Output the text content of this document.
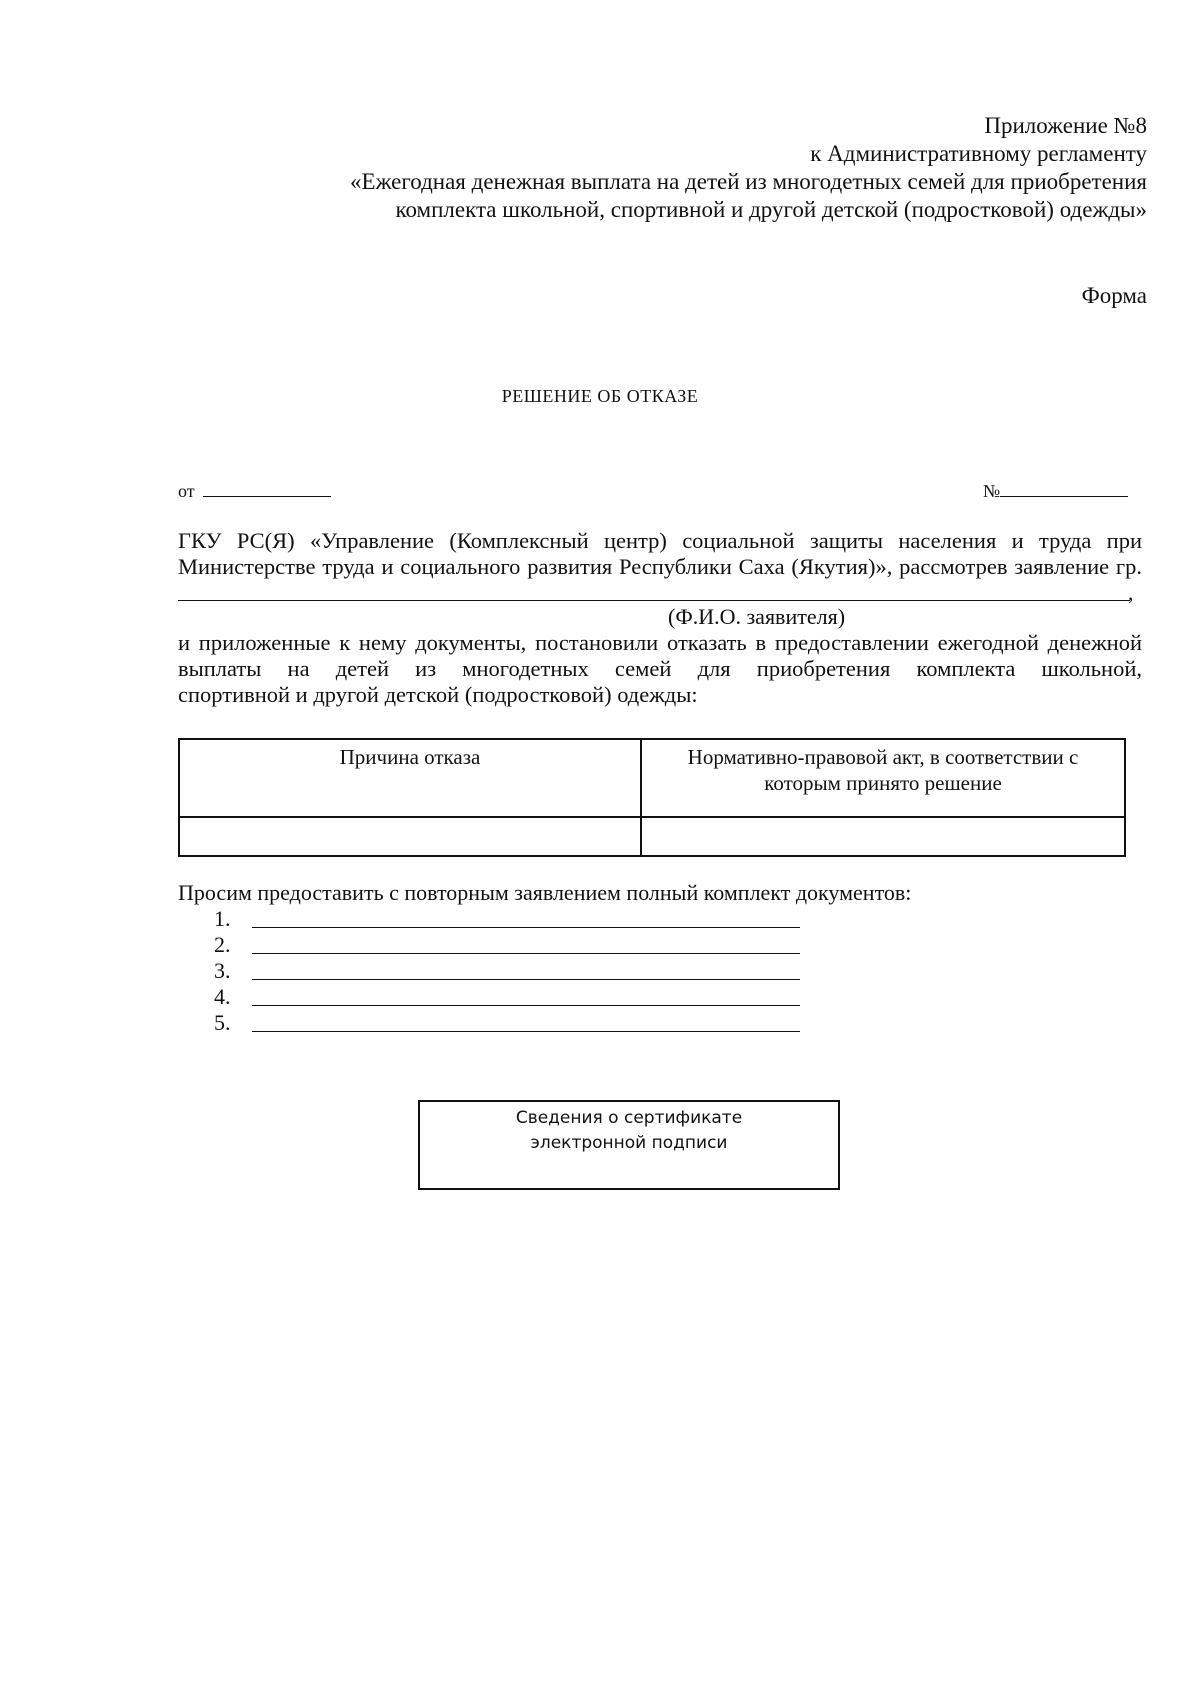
Приложение №8
к Административному регламенту
«Ежегодная денежная выплата на детей из многодетных семей для приобретения
комплекта школьной, спортивной и другой детской (подростковой) одежды»
Форма
РЕШЕНИЕ ОБ ОТКАЗЕ
от	№
ГКУ РС(Я) «Управление (Комплексный центр) социальной защиты населения и труда при
Министерстве труда и социального развития Республики Саха (Якутия)», рассмотрев заявление гр.
,
(Ф.И.О. заявителя)
и приложенные к нему документы, постановили отказать в предоставлении ежегодной денежной
выплаты на детей из многодетных семей для приобретения комплекта школьной,
спортивной и другой детской (подростковой) одежды:
Причина отказа	Нормативно-правовой акт, в соответствии с
которым принято решение

Просим предоставить с повторным заявлением полный комплект документов:
1.
2.
3.
4.
5.
Сведения о сертификате
электронной подписи
